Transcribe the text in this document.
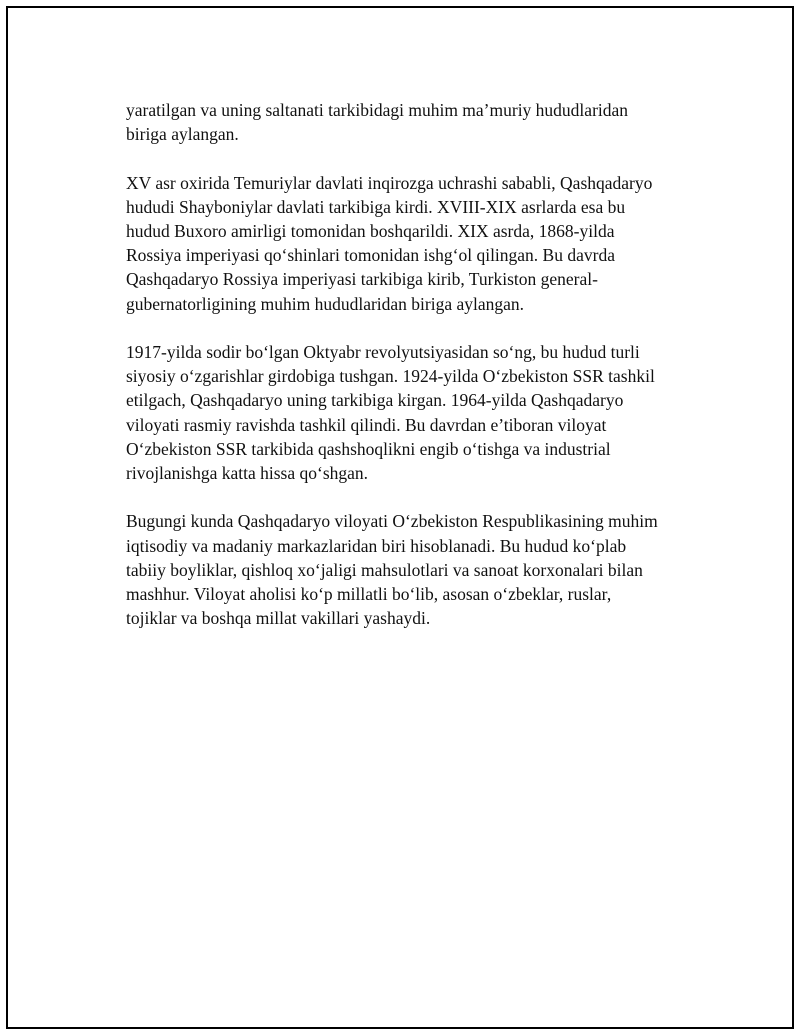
yaratilgan va uning saltanati tarkibidagi muhim ma’muriy hududlaridan
biriga aylangan.

XV asr oxirida Temuriylar davlati inqirozga uchrashi sababli, Qashqadaryo
hududi Shayboniylar davlati tarkibiga kirdi. XVIII-XIX asrlarda esa bu
hudud Buxoro amirligi tomonidan boshqarildi. XIX asrda, 1868-yilda
Rossiya imperiyasi qo‘shinlari tomonidan ishg‘ol qilingan. Bu davrda
Qashqadaryo Rossiya imperiyasi tarkibiga kirib, Turkiston general-
gubernatorligining muhim hududlaridan biriga aylangan.

1917-yilda sodir bo‘lgan Oktyabr revolyutsiyasidan so‘ng, bu hudud turli
siyosiy o‘zgarishlar girdobiga tushgan. 1924-yilda O‘zbekiston SSR tashkil
etilgach, Qashqadaryo uning tarkibiga kirgan. 1964-yilda Qashqadaryo
viloyati rasmiy ravishda tashkil qilindi. Bu davrdan e’tiboran viloyat
O‘zbekiston SSR tarkibida qashshoqlikni engib o‘tishga va industrial
rivojlanishga katta hissa qo‘shgan.

Bugungi kunda Qashqadaryo viloyati O‘zbekiston Respublikasining muhim
iqtisodiy va madaniy markazlaridan biri hisoblanadi. Bu hudud ko‘plab
tabiiy boyliklar, qishloq xo‘jaligi mahsulotlari va sanoat korxonalari bilan
mashhur. Viloyat aholisi ko‘p millatli bo‘lib, asosan o‘zbeklar, ruslar,
tojiklar va boshqa millat vakillari yashaydi.
